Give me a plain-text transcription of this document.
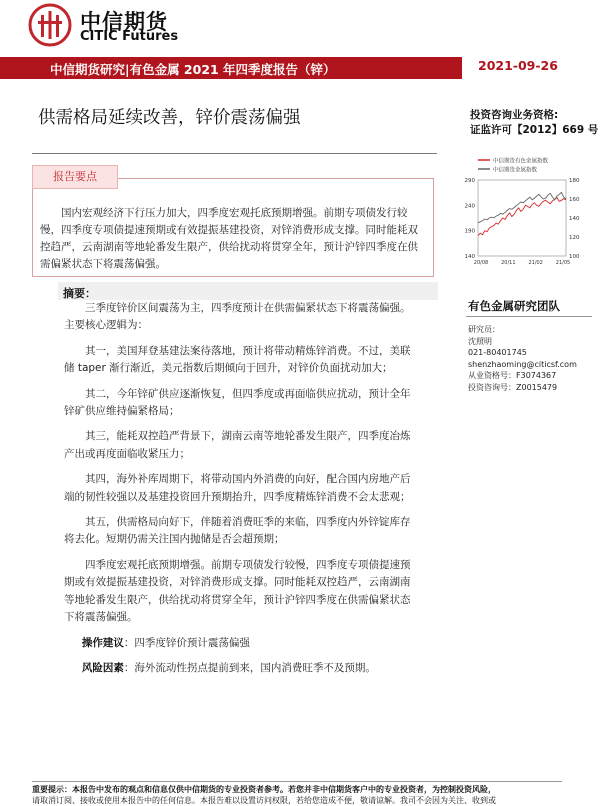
中信期货
CITIC Futures
中信期货研究|有色金属 2021 年四季度报告（锌）	2021-09-26
供需格局延续改善，锌价震荡偏强	投资咨询业务资格:
证监许可【2012】669 号
中信期货有色金属指数
中信期货金属指数
140
190
240
290
100
120
140
160
180
20/08	20/11	21/02	21/05
报告要点
国内宏观经济下行压力加大，四季度宏观托底预期增强。前期专项债发行较慢，四季度专项债提速预期或有效提振基建投资，对锌消费形成支撑。同时能耗双控趋严，云南湖南等地轮番发生限产，供给扰动将贯穿全年，预计沪锌四季度在供需偏紧状态下将震荡偏强。
摘要：

三季度锌价区间震荡为主，四季度预计在供需偏紧状态下将震荡偏强。主要核心逻辑为：

其一，美国拜登基建法案待落地，预计将带动精炼锌消费。不过，美联储 taper 渐行渐近，美元指数后期倾向于回升，对锌价负面扰动加大；

其二，今年锌矿供应逐渐恢复，但四季度或再面临供应扰动，预计全年锌矿供应维持偏紧格局；

其三，能耗双控趋严背景下，湖南云南等地轮番发生限产，四季度冶炼产出或再度面临收紧压力；

其四，海外补库周期下，将带动国内外消费的向好，配合国内房地产后端的韧性较强以及基建投资回升预期抬升，四季度精炼锌消费不会太悲观；

其五，供需格局向好下，伴随着消费旺季的来临，四季度内外锌锭库存将去化。短期仍需关注国内抛储是否会超预期；

四季度宏观托底预期增强。前期专项债发行较慢，四季度专项债提速预期或有效提振基建投资，对锌消费形成支撑。同时能耗双控趋严，云南湖南等地轮番发生限产，供给扰动将贯穿全年，预计沪锌四季度在供需偏紧状态下将震荡偏强。

操作建议：四季度锌价预计震荡偏强

风险因素：海外流动性拐点提前到来，国内消费旺季不及预期。

有色金属研究团队
研究员：
沈照明
021-80401745
shenzhaoming@citicsf.com
从业资格号：F3074367
投资咨询号：Z0015479
重要提示：本报告中发布的观点和信息仅供中信期货的专业投资者参考。若您并非中信期货客户中的专业投资者，为控制投资风险，
请取消订阅、接收或使用本报告中的任何信息。本报告难以设置访问权限，若给您造成不便，敬请谅解。我司不会因为关注、收到或
